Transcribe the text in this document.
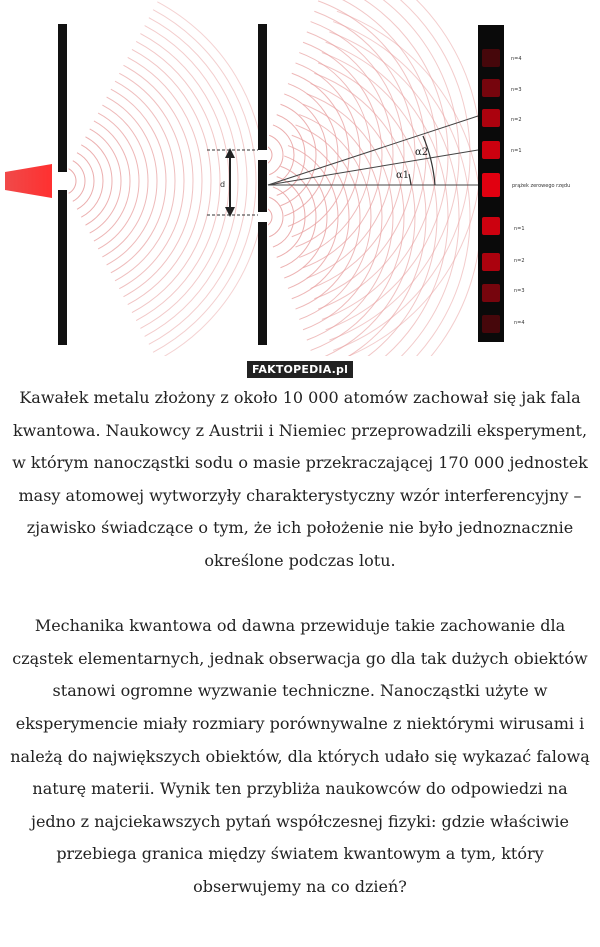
d
α2
α1
n=4
n=3
n=2
n=1
prążek zerowego rzędu
n=1
n=2
n=3
n=4
FAKTOPEDIA.pl

Kawałek metalu złożony z około 10 000 atomów zachował się jak fala kwantowa. Naukowcy z Austrii i Niemiec przeprowadzili eksperyment, w którym nanocząstki sodu o masie przekraczającej 170 000 jednostek masy atomowej wytworzyły charakterystyczny wzór interferencyjny – zjawisko świadczące o tym, że ich położenie nie było jednoznacznie określone podczas lotu.

Mechanika kwantowa od dawna przewiduje takie zachowanie dla cząstek elementarnych, jednak obserwacja go dla tak dużych obiektów stanowi ogromne wyzwanie techniczne. Nanocząstki użyte w eksperymencie miały rozmiary porównywalne z niektórymi wirusami i należą do największych obiektów, dla których udało się wykazać falową naturę materii. Wynik ten przybliża naukowców do odpowiedzi na jedno z najciekawszych pytań współczesnej fizyki: gdzie właściwie przebiega granica między światem kwantowym a tym, który obserwujemy na co dzień?
